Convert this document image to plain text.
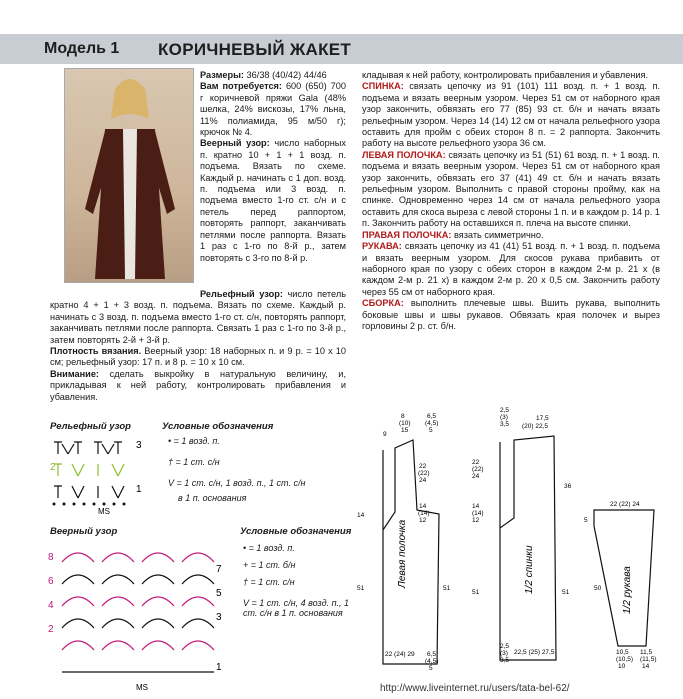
Модель 1 КОРИЧНЕВЫЙ ЖАКЕТ

Размеры: 36/38 (40/42) 44/46

Вам потребуется: 600 (650) 700 г коричневой пряжи Gala (48% шелка, 24% вискозы, 17% льна, 11% полиамида, 95 м/50 г); крючок № 4.

Веерный узор: число наборных п. кратно 10 + 1 + 1 возд. п. подъема. Вязать по схеме. Каждый р. начинать с 1 доп. возд. п. подъема или 3 возд. п. подъема вместо 1-го ст. с/н и с петель перед раппортом, повторять раппорт, заканчивать петлями после раппорта. Вязать 1 раз с 1-го по 8-й р., затем повторять с 3-го по 8-й р.

Рельефный узор: число петель кратно 4 + 1 + 3 возд. п. подъема. Вязать по схеме. Каждый р. начинать с 3 возд. п. подъема вместо 1-го ст. с/н, повторять раппорт, заканчивать петлями после раппорта. Связать 1 раз с 1-го по 3-й р., затем повторять 2-й + 3-й р.

Плотность вязания. Веерный узор: 18 наборных п. и 9 р. = 10 х 10 см; рельефный узор: 17 п. и 8 р. = 10 х 10 см.

Внимание: сделать выкройку в натуральную величину, и, прикладывая к ней работу, контролировать прибавления и убавления.

кладывая к ней работу, контролировать прибавления и убавления.

СПИНКА: связать цепочку из 91 (101) 111 возд. п. + 1 возд. п. подъема и вязать веерным узором. Через 51 см от наборного края узор закончить, обвязать его 77 (85) 93 ст. б/н и начать вязать рельефным узором. Через 14 (14) 12 см от начала рельефного узора оставить для пройм с обеих сторон 8 п. = 2 раппорта. Закончить работу на высоте рельефного узора 36 см.

ЛЕВАЯ ПОЛОЧКА: связать цепочку из 51 (51) 61 возд. п. + 1 возд. п. подъема и вязать веерным узором. Через 51 см от наборного края узор закончить, обвязать его 37 (41) 49 ст. б/н и начать вязать рельефным узором. Выполнить с правой стороны пройму, как на спинке. Одновременно через 14 см от начала рельефного узора оставить для скоса выреза с левой стороны 1 п. и в каждом р. 14 р. 1 п. Закончить работу на оставшихся п. плеча на высоте спинки.

ПРАВАЯ ПОЛОЧКА: вязать симметрично.

РУКАВА: связать цепочку из 41 (41) 51 возд. п. + 1 возд. п. подъема и вязать веерным узором. Для скосов рукава прибавить от наборного края по узору с обеих сторон в каждом 2-м р. 21 х (в каждом 2-м р. 21 х) в каждом 2-м р. 20 х 0,5 см. Закончить работу через 55 см от наборного края.

СБОРКА: выполнить плечевые швы. Вшить рукава, выполнить боковые швы и швы рукавов. Обвязать края полочек и вырез горловины 2 р. ст. б/н.

Рельефный узор
3
2
1
MS
Условные обозначения
• = 1 возд. п.
† = 1 ст. с/н
V = 1 ст. с/н, 1 возд. п., 1 ст. с/н
в 1 п. основания
Веерный узор
8
7
6
5
4
3
2
1
MS
Условные обозначения
• = 1 возд. п.
+ = 1 ст. б/н
† = 1 ст. с/н
V = 1 ст. с/н, 4 возд. п., 1 ст. с/н в 1 п. основания
Левая полочка
8
(10)
15
6,5
(4,5)
5
9
22
(22)
24
14
14
(14)
12
51	51
22 (24) 29 6,5
(4,5)
5
1/2 спинки
2,5
(3)
3,5
17,5
(20) 22,5
22
(22)
24
14
(14)
12
36
51	51
22,5 (25) 27,5
2,5
(3)
3,5
1/2 рукава
22 (22) 24
5
50
10,5
(10,5)
10
11,5
(11,5)
14
http://www.liveinternet.ru/users/tata-bel-62/
